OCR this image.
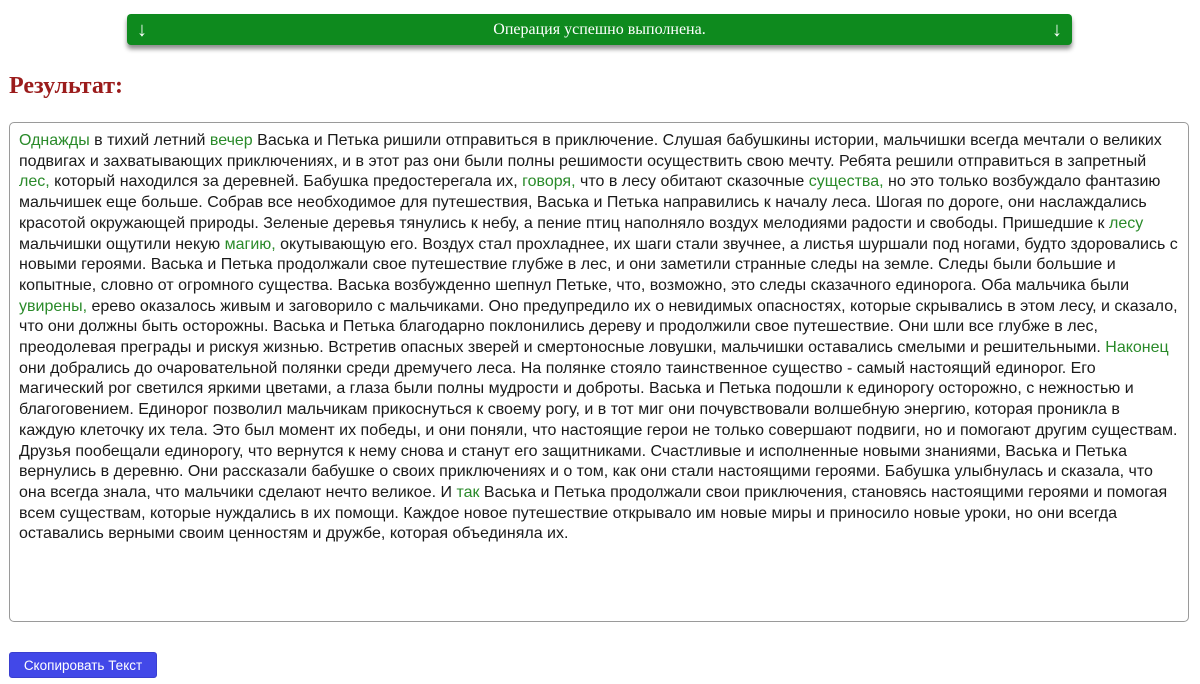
↓	Операция успешно выполнена.	↓
Результат:
Однажды в тихий летний вечер Васька и Петька ришили отправиться в приключение. Слушая бабушкины истории, мальчишки всегда мечтали о великих подвигах и захватывающих приключениях, и в этот раз они были полны решимости осуществить свою мечту. Ребята решили отправиться в запретный лес, который находился за деревней. Бабушка предостерегала их, говоря, что в лесу обитают сказочные существа, но это только возбуждало фантазию мальчишек еще больше. Собрав все необходимое для путешествия, Васька и Петька направились к началу леса. Шогая по дороге, они наслаждались красотой окружающей природы. Зеленые деревья тянулись к небу, а пение птиц наполняло воздух мелодиями радости и свободы. Пришедшие к лесу мальчишки ощутили некую магию, окутывающую его. Воздух стал прохладнее, их шаги стали звучнее, а листья шуршали под ногами, будто здоровались с новыми героями. Васька и Петька продолжали свое путешествие глубже в лес, и они заметили странные следы на земле. Следы были большие и копытные, словно от огромного существа. Васька возбужденно шепнул Петьке, что, возможно, это следы сказачного единорога. Оба мальчика были увирены, ерево оказалось живым и заговорило с мальчиками. Оно предупредило их о невидимых опасностях, которые скрывались в этом лесу, и сказало, что они должны быть осторожны. Васька и Петька благодарно поклонились дереву и продолжили свое путешествие. Они шли все глубже в лес, преодолевая преграды и рискуя жизнью. Встретив опасных зверей и смертоносные ловушки, мальчишки оставались смелыми и решительными. Наконец они добрались до очаровательной полянки среди дремучего леса. На полянке стояло таинственное существо - самый настоящий единорог. Его магический рог светился яркими цветами, а глаза были полны мудрости и доброты. Васька и Петька подошли к единорогу осторожно, с нежностью и благоговением. Единорог позволил мальчикам прикоснуться к своему рогу, и в тот миг они почувствовали волшебную энергию, которая проникла в каждую клеточку их тела. Это был момент их победы, и они поняли, что настоящие герои не только совершают подвиги, но и помогают другим существам. Друзья пообещали единорогу, что вернутся к нему снова и станут его защитниками. Счастливые и исполненные новыми знаниями, Васька и Петька вернулись в деревню. Они рассказали бабушке о своих приключениях и о том, как они стали настоящими героями. Бабушка улыбнулась и сказала, что она всегда знала, что мальчики сделают нечто великое. И так Васька и Петька продолжали свои приключения, становясь настоящими героями и помогая всем существам, которые нуждались в их помощи. Каждое новое путешествие открывало им новые миры и приносило новые уроки, но они всегда оставались верными своим ценностям и дружбе, которая объединяла их.
Скопировать Текст
